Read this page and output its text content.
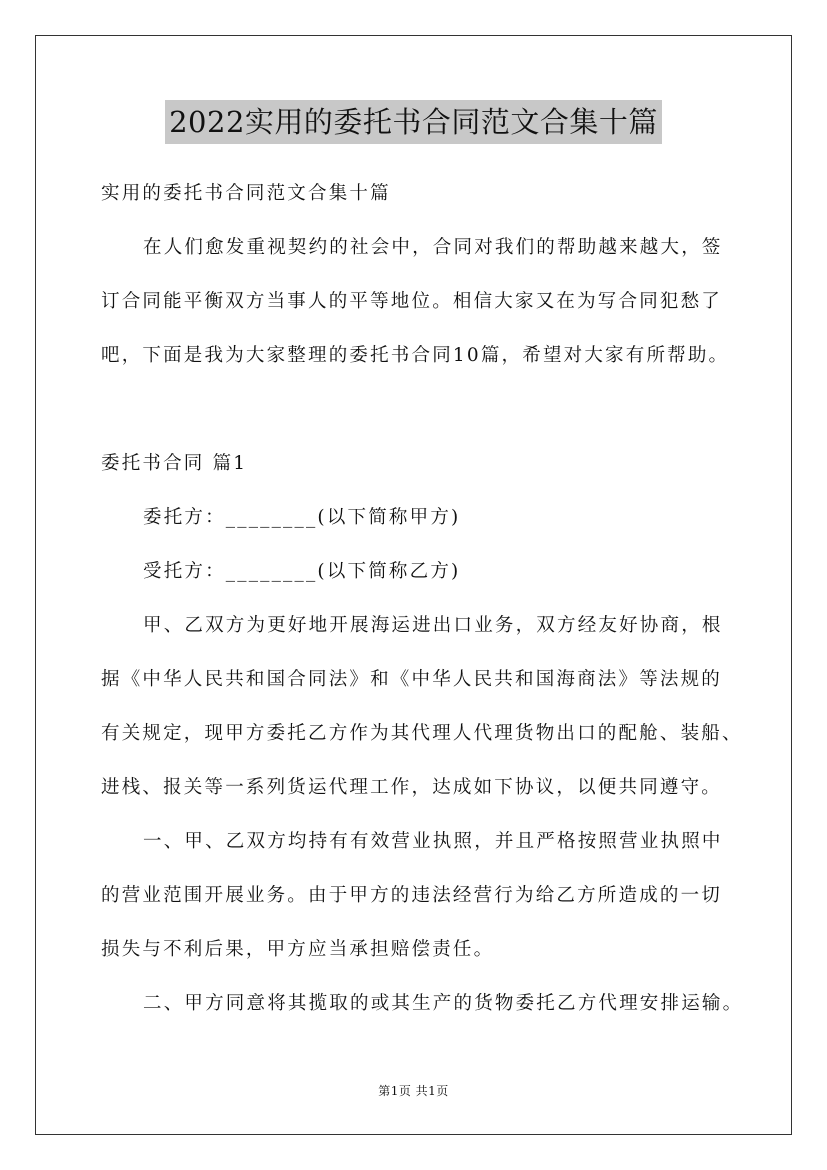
2022实用的委托书合同范文合集十篇
实用的委托书合同范文合集十篇
在人们愈发重视契约的社会中，合同对我们的帮助越来越大，签
订合同能平衡双方当事人的平等地位。相信大家又在为写合同犯愁了
吧，下面是我为大家整理的委托书合同10篇，希望对大家有所帮助。
委托书合同 篇1
委托方：________(以下简称甲方)
受托方：________(以下简称乙方)
甲、乙双方为更好地开展海运进出口业务，双方经友好协商，根
据《中华人民共和国合同法》和《中华人民共和国海商法》等法规的
有关规定，现甲方委托乙方作为其代理人代理货物出口的配舱、装船、
进栈、报关等一系列货运代理工作，达成如下协议，以便共同遵守。
一、甲、乙双方均持有有效营业执照，并且严格按照营业执照中
的营业范围开展业务。由于甲方的违法经营行为给乙方所造成的一切
损失与不利后果，甲方应当承担赔偿责任。
二、甲方同意将其揽取的或其生产的货物委托乙方代理安排运输。
第1页 共1页
